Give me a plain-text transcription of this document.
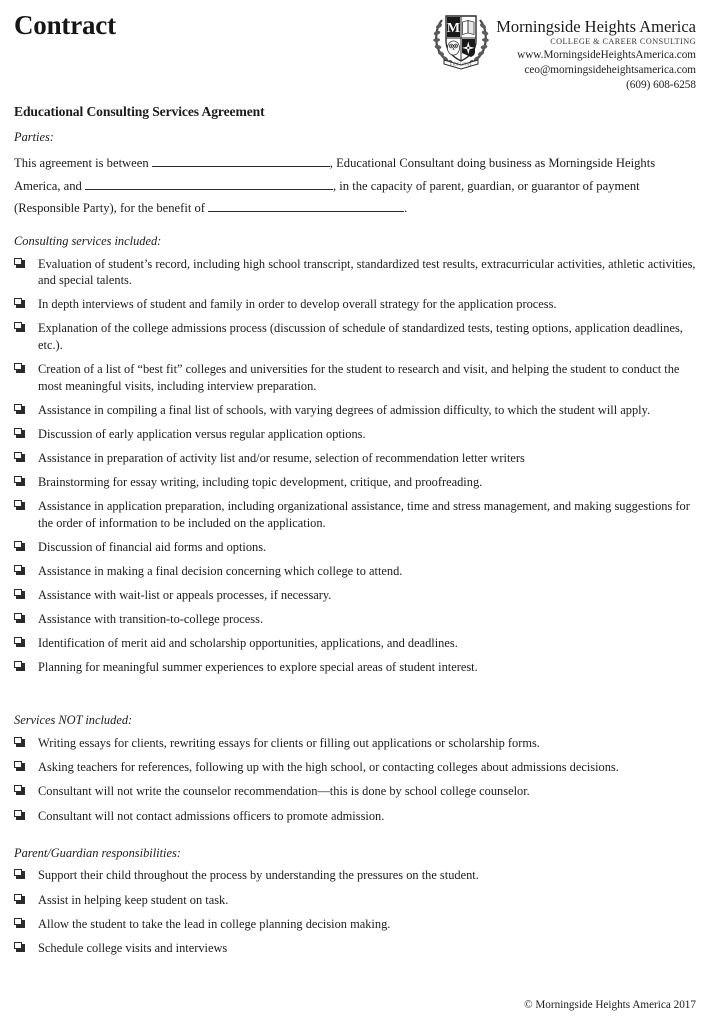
Contract	M
FIDELITAS
Morningside Heights America
COLLEGE & CAREER CONSULTING
www.MorningsideHeightsAmerica.com
ceo@morningsideheightsamerica.com
(609) 608-6258
Educational Consulting Services Agreement
Parties:

This agreement is between	, Educational Consultant doing business as Morningside Heights America, and	, in the capacity of parent, guardian, or guarantor of payment (Responsible Party), for the benefit of	.

Consulting services included:
Evaluation of student’s record, including high school transcript, standardized test results, extracurricular activities, athletic activities, and special talents.
In depth interviews of student and family in order to develop overall strategy for the application process.
Explanation of the college admissions process (discussion of schedule of standardized tests, testing options, application deadlines, etc.).
Creation of a list of “best fit” colleges and universities for the student to research and visit, and helping the student to conduct the most meaningful visits, including interview preparation.
Assistance in compiling a final list of schools, with varying degrees of admission difficulty, to which the student will apply.
Discussion of early application versus regular application options.
Assistance in preparation of activity list and/or resume, selection of recommendation letter writers
Brainstorming for essay writing, including topic development, critique, and proofreading.
Assistance in application preparation, including organizational assistance, time and stress management, and making suggestions for the order of information to be included on the application.
Discussion of financial aid forms and options.
Assistance in making a final decision concerning which college to attend.
Assistance with wait-list or appeals processes, if necessary.
Assistance with transition-to-college process.
Identification of merit aid and scholarship opportunities, applications, and deadlines.
Planning for meaningful summer experiences to explore special areas of student interest.
Services NOT included:
Writing essays for clients, rewriting essays for clients or filling out applications or scholarship forms.
Asking teachers for references, following up with the high school, or contacting colleges about admissions decisions.
Consultant will not write the counselor recommendation—this is done by school college counselor.
Consultant will not contact admissions officers to promote admission.
Parent/Guardian responsibilities:
Support their child throughout the process by understanding the pressures on the student.
Assist in helping keep student on task.
Allow the student to take the lead in college planning decision making.
Schedule college visits and interviews
© Morningside Heights America 2017
